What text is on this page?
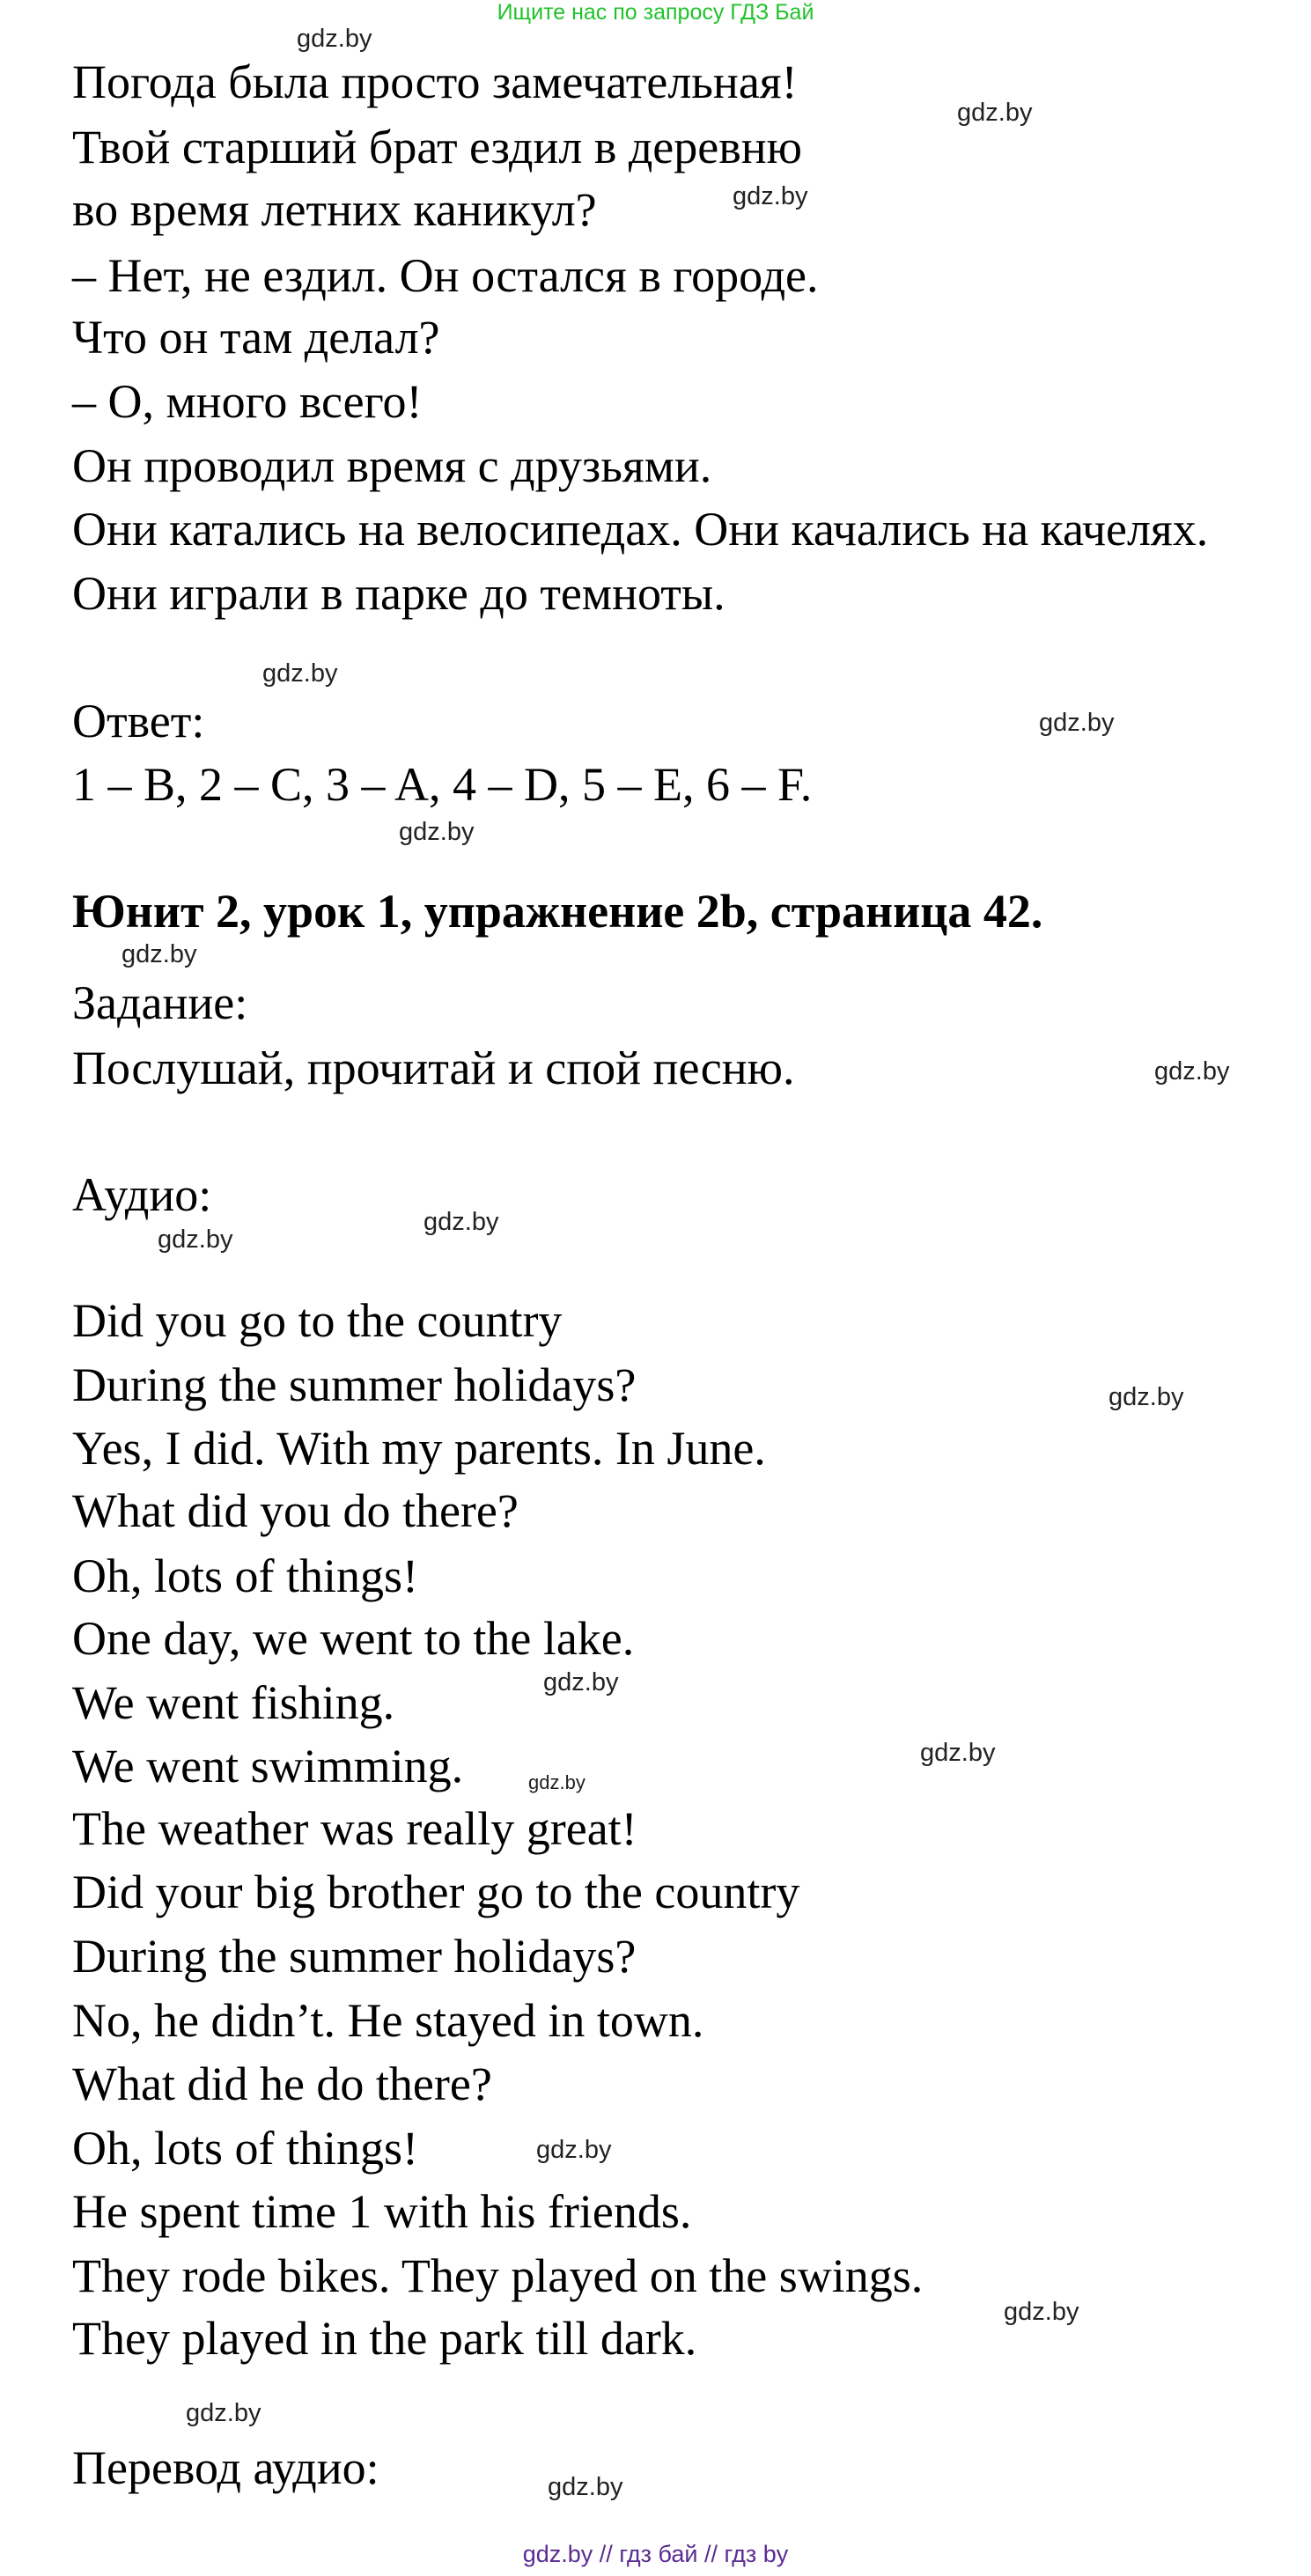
Ищите нас по запросу ГДЗ Бай
Погода была просто замечательная!
Твой старший брат ездил в деревню
во время летних каникул?
– Нет, не ездил. Он остался в городе.
Что он там делал?
– О, много всего!
Он проводил время с друзьями.
Они катались на велосипедах. Они качались на качелях.
Они играли в парке до темноты.
Ответ:
1 – B, 2 – C, 3 – A, 4 – D, 5 – E, 6 – F.
Юнит 2, урок 1, упражнение 2b, страница 42.
Задание:
Послушай, прочитай и спой песню.
Аудио:
Did you go to the country
During the summer holidays?
Yes, I did. With my parents. In June.
What did you do there?
Oh, lots of things!
One day, we went to the lake.
We went fishing.
We went swimming.
The weather was really great!
Did your big brother go to the country
During the summer holidays?
No, he didn’t. He stayed in town.
What did he do there?
Oh, lots of things!
He spent time 1 with his friends.
They rode bikes. They played on the swings.
They played in the park till dark.
Перевод аудио:
gdz.by
gdz.by
gdz.by
gdz.by
gdz.by
gdz.by
gdz.by
gdz.by
gdz.by
gdz.by
gdz.by
gdz.by
gdz.by
gdz.by
gdz.by
gdz.by
gdz.by
gdz.by
gdz.by // гдз бай // гдз by
